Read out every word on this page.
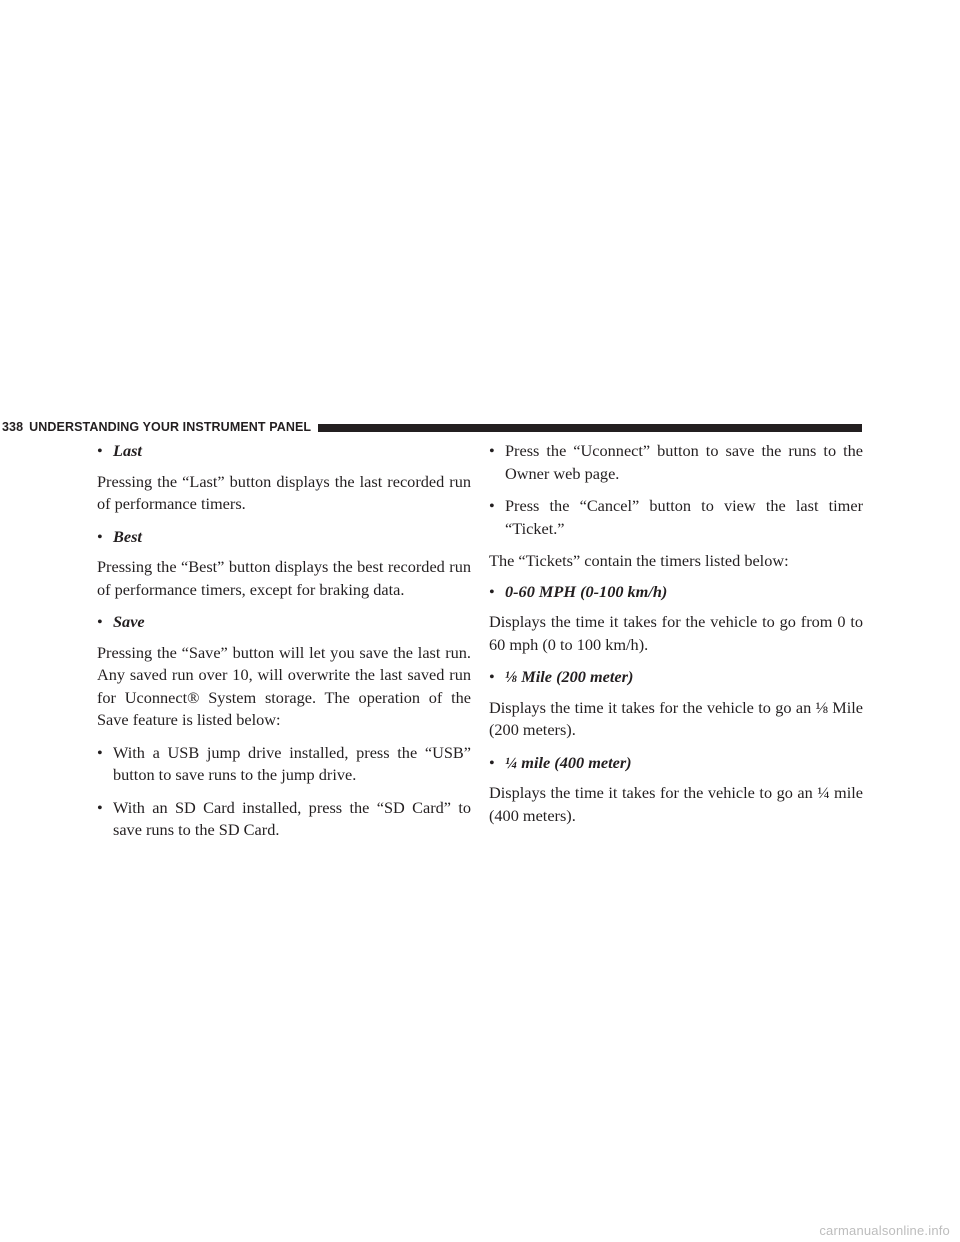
338 UNDERSTANDING YOUR INSTRUMENT PANEL

• Last

Pressing the “Last” button displays the last recorded run of performance timers.

• Best

Pressing the “Best” button displays the best recorded run of performance timers, except for braking data.

• Save

Pressing the “Save” button will let you save the last run. Any saved run over 10, will overwrite the last saved run for Uconnect® System storage. The operation of the Save feature is listed below:

• With a USB jump drive installed, press the “USB” button to save runs to the jump drive.

• With an SD Card installed, press the “SD Card” to save runs to the SD Card.

• Press the “Uconnect” button to save the runs to the Owner web page.

• Press the “Cancel” button to view the last timer “Ticket.”

The “Tickets” contain the timers listed below:

• 0-60 MPH (0-100 km/h)

Displays the time it takes for the vehicle to go from 0 to 60 mph (0 to 100 km/h).

• ⅛ Mile (200 meter)

Displays the time it takes for the vehicle to go an ⅛ Mile (200 meters).

• ¼ mile (400 meter)

Displays the time it takes for the vehicle to go an ¼ mile (400 meters).

carmanualsonline.info
